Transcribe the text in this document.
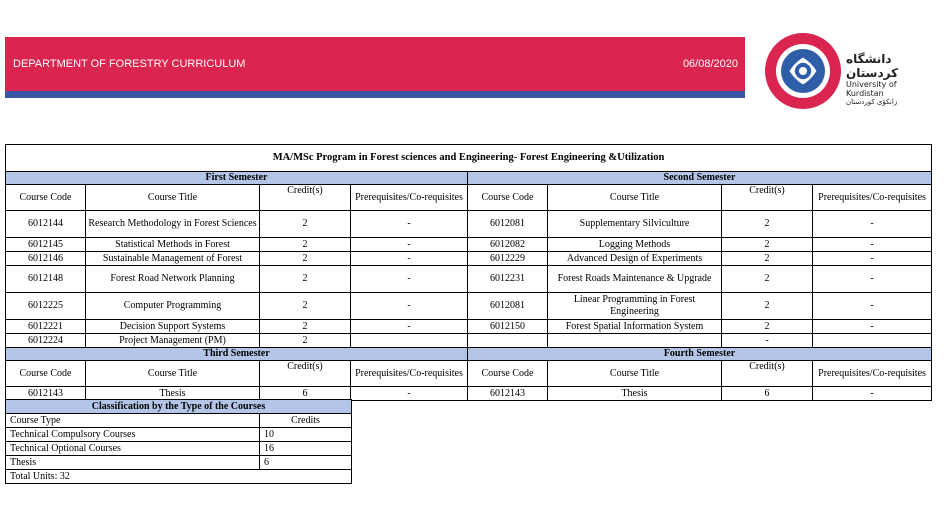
DEPARTMENT OF FORESTRY CURRICULUM	06/08/2020	دانشگاه کردستان
University of Kurdistan
زانکۆی کوردستان
MA/MSc Program in Forest sciences and Engineering- Forest Engineering &Utilization							
First Semester				Second Semester			
Course Code	Course Title	Credit(s)	Prerequisites/Co-requisites	Course Code	Course Title	Credit(s)	Prerequisites/Co-requisites
6012144	Research Methodology in Forest Sciences	2	-	6012081	Supplementary Silviculture	2	-
6012145	Statistical Methods in Forest	2	-	6012082	Logging Methods	2	-
6012146	Sustainable Management of Forest	2	-	6012229	Advanced Design of Experiments	2	-
6012148	Forest Road Network Planning	2	-	6012231	Forest Roads Maintenance & Upgrade	2	-
6012225	Computer Programming	2	-	6012081	Linear Programming in Forest Engineering	2	-
6012221	Decision Support Systems	2	-	6012150	Forest Spatial Information System	2	-
6012224	Project Management (PM)	2				-	
Third Semester				Fourth Semester			
Course Code	Course Title	Credit(s)	Prerequisites/Co-requisites	Course Code	Course Title	Credit(s)	Prerequisites/Co-requisites
6012143	Thesis	6	-	6012143	Thesis	6	-
Classification by the Type of the Courses	
Course Type	Credits
Technical Compulsory Courses	10
Technical Optional Courses	16
Thesis	6
Total Units: 32	
